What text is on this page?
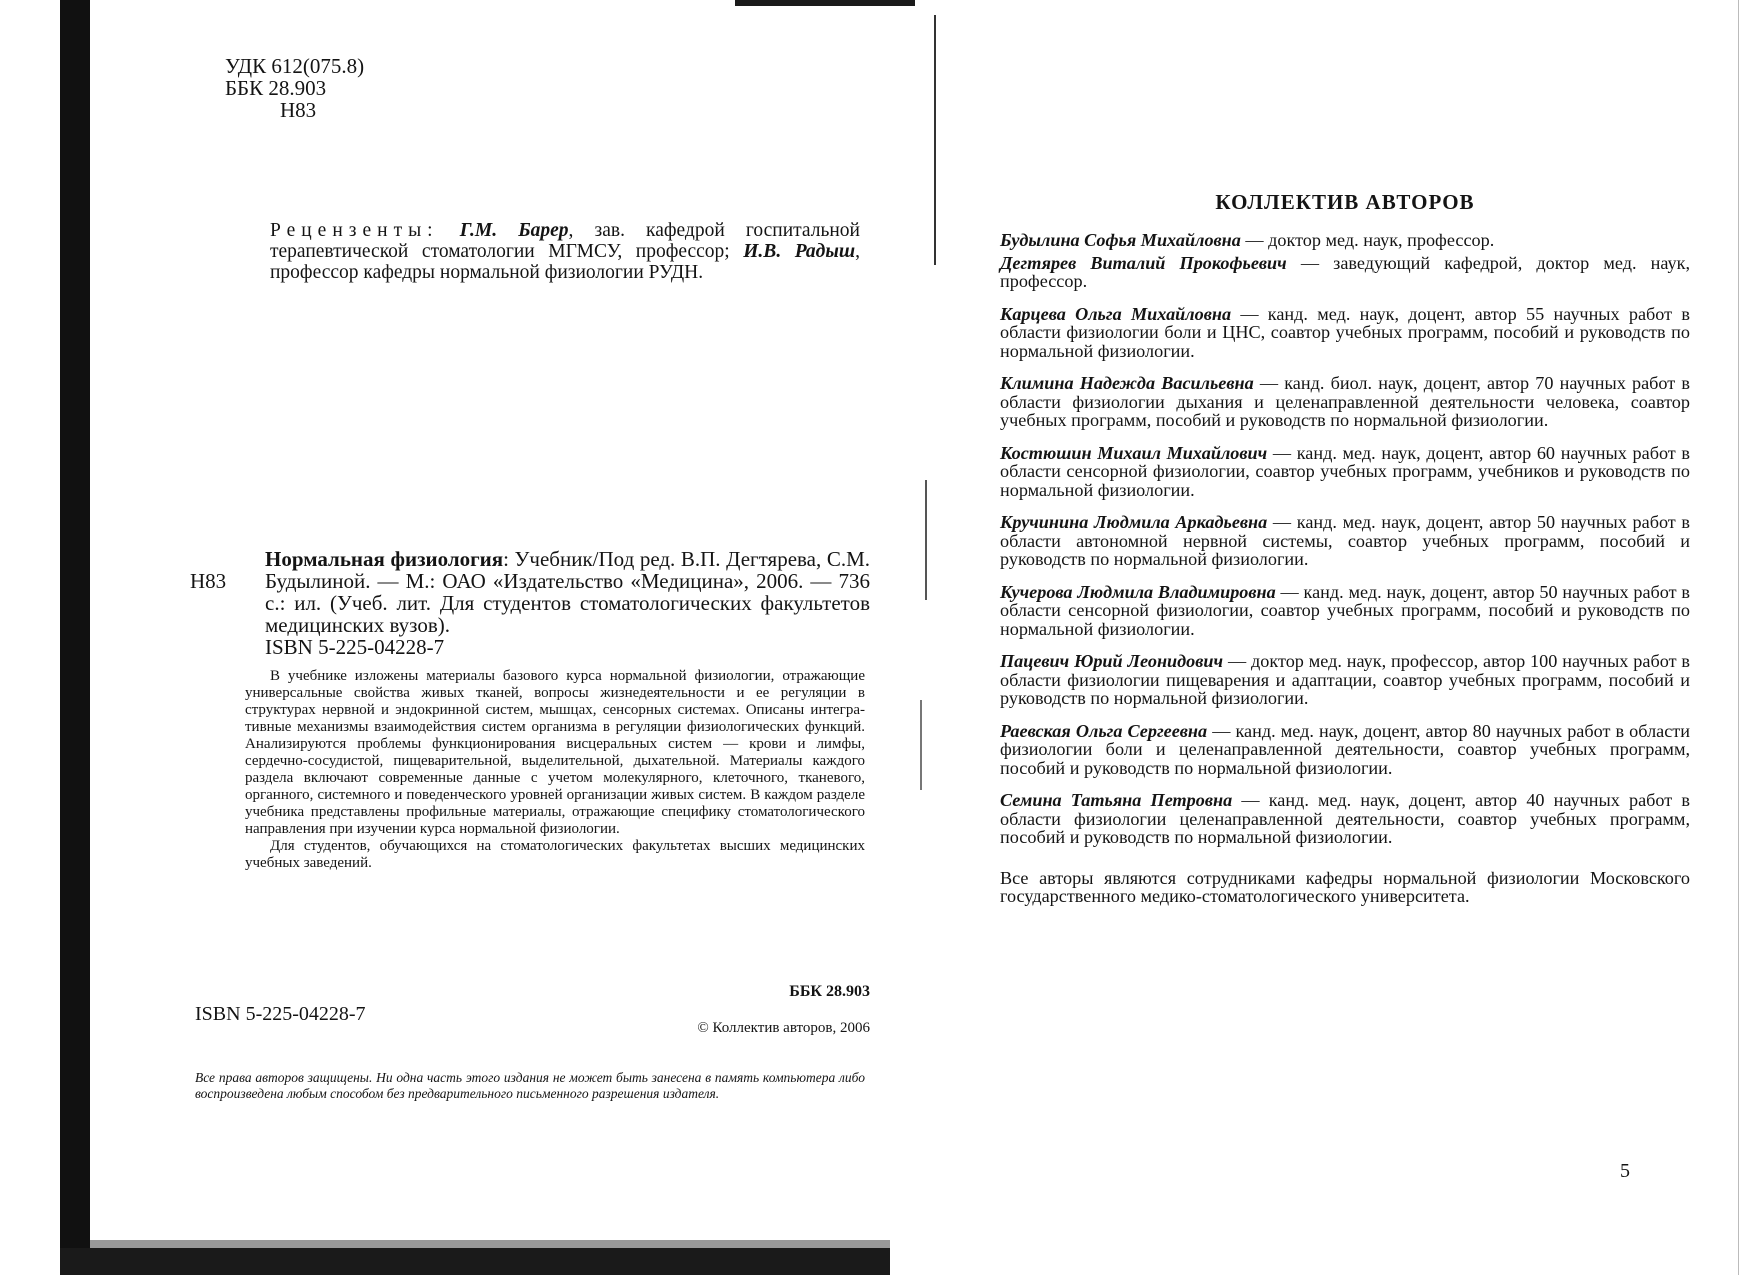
УДК 612(075.8)
ББК 28.903
Н83
Рецензенты: Г.М. Барер, зав. кафедрой госпитальной терапевтической стоматологии МГМСУ, профессор; И.В. Радыш, профессор кафедры нормальной физиологии РУДН.
Н83
Нормальная физиология: Учебник/Под ред. В.П. Дегтярева, С.М. Будылиной. — М.: ОАО «Издательство «Медицина», 2006. — 736 с.: ил. (Учеб. лит. Для студентов стоматологических факультетов медицинских вузов).
ISBN 5-225-04228-7

В учебнике изложены материалы базового курса нормальной физиологии, отражающие универсальные свойства живых тканей, вопросы жизнедеятельности и ее регуляции в структурах нервной и эндокринной систем, мышцах, сенсорных системах. Описаны интегративные механизмы взаимодействия систем организма в регуляции физиологических функций. Анализируются проблемы функционирования висцеральных систем — крови и лимфы, сердечно-сосудистой, пищеварительной, выделительной, дыхательной. Материалы каждого раздела включают современные данные с учетом молекулярного, клеточного, тканевого, органного, системного и поведенческого уровней организации живых систем. В каждом разделе учебника представлены профильные материалы, отражающие специфику стоматологического направления при изучении курса нормальной физиологии.

Для студентов, обучающихся на стоматологических факультетах высших медицинских учебных заведений.

ББК 28.903
ISBN 5-225-04228-7
© Коллектив авторов, 2006
Все права авторов защищены. Ни одна часть этого издания не может быть занесена в память компьютера либо воспроизведена любым способом без предварительного письменного разрешения издателя.
КОЛЛЕКТИВ АВТОРОВ
Будылина Софья Михайловна — доктор мед. наук, профессор.
Дегтярев Виталий Прокофьевич — заведующий кафедрой, доктор мед. наук, профессор.
Карцева Ольга Михайловна — канд. мед. наук, доцент, автор 55 научных работ в области физиологии боли и ЦНС, соавтор учебных программ, пособий и руководств по нормальной физиологии.
Климина Надежда Васильевна — канд. биол. наук, доцент, автор 70 научных работ в области физиологии дыхания и целенаправленной деятельности человека, соавтор учебных программ, пособий и руководств по нормальной физиологии.
Костюшин Михаил Михайлович — канд. мед. наук, доцент, автор 60 научных работ в области сенсорной физиологии, соавтор учебных программ, учебников и руководств по нормальной физиологии.
Кручинина Людмила Аркадьевна — канд. мед. наук, доцент, автор 50 научных работ в области автономной нервной системы, соавтор учебных программ, пособий и руководств по нормальной физиологии.
Кучерова Людмила Владимировна — канд. мед. наук, доцент, автор 50 научных работ в области сенсорной физиологии, соавтор учебных программ, пособий и руководств по нормальной физиологии.
Пацевич Юрий Леонидович — доктор мед. наук, профессор, автор 100 научных работ в области физиологии пищеварения и адаптации, соавтор учебных программ, пособий и руководств по нормальной физиологии.
Раевская Ольга Сергеевна — канд. мед. наук, доцент, автор 80 научных работ в области физиологии боли и целенаправленной деятельности, соавтор учебных программ, пособий и руководств по нормальной физиологии.
Семина Татьяна Петровна — канд. мед. наук, доцент, автор 40 научных работ в области физиологии целенаправленной деятельности, соавтор учебных программ, пособий и руководств по нормальной физиологии.
Все авторы являются сотрудниками кафедры нормальной физиологии Московского государственного медико-стоматологического университета.
5
